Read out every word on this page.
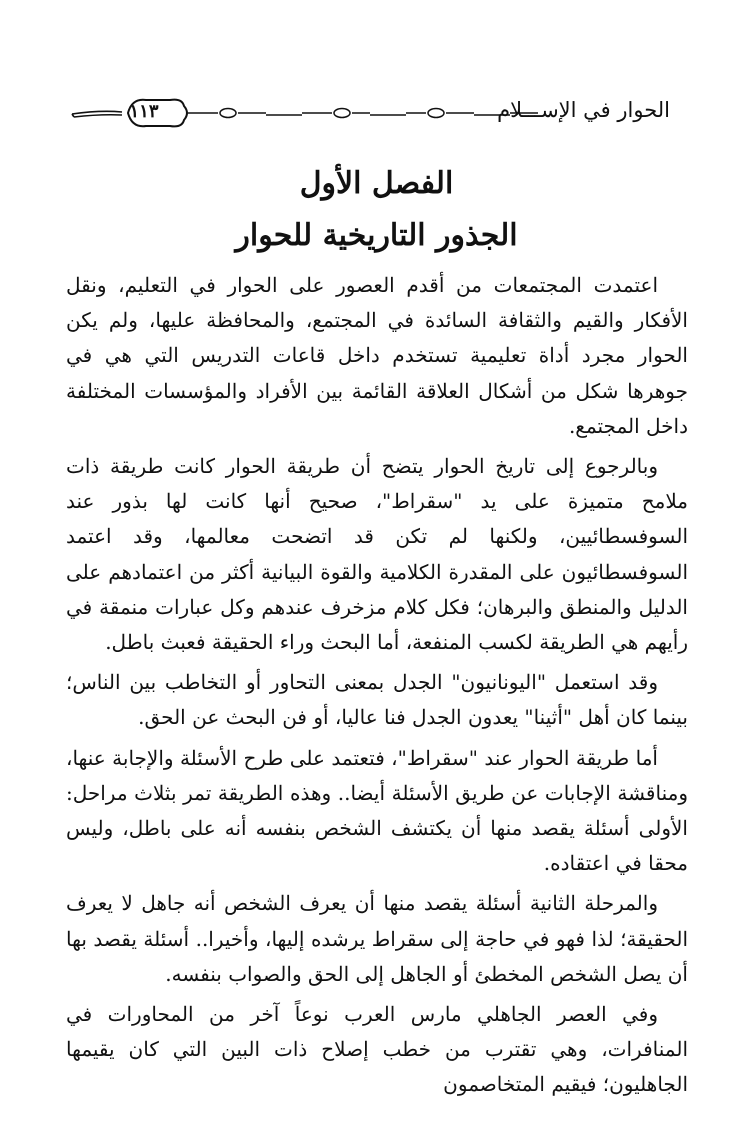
الحوار في الإســـلام
١١٣
الفصل الأول
الجذور التاريخية للحوار

اعتمدت المجتمعات من أقدم العصور على الحوار في التعليم، ونقل الأفكار والقيم والثقافة السائدة في المجتمع، والمحافظة عليها، ولم يكن الحوار مجرد أداة تعليمية تستخدم داخل قاعات التدريس التي هي في جوهرها شكل من أشكال العلاقة القائمة بين الأفراد والمؤسسات المختلفة داخل المجتمع.

وبالرجوع إلى تاريخ الحوار يتضح أن طريقة الحوار كانت طريقة ذات ملامح متميزة على يد "سقراط"، صحيح أنها كانت لها بذور عند السوفسطائيين، ولكنها لم تكن قد اتضحت معالمها، وقد اعتمد السوفسطائيون على المقدرة الكلامية والقوة البيانية أكثر من اعتمادهم على الدليل والمنطق والبرهان؛ فكل كلام مزخرف عندهم وكل عبارات منمقة في رأيهم هي الطريقة لكسب المنفعة، أما البحث وراء الحقيقة فعبث باطل.

وقد استعمل "اليونانيون" الجدل بمعنى التحاور أو التخاطب بين الناس؛ بينما كان أهل "أثينا" يعدون الجدل فنا عاليا، أو فن البحث عن الحق.

أما طريقة الحوار عند "سقراط"، فتعتمد على طرح الأسئلة والإجابة عنها، ومناقشة الإجابات عن طريق الأسئلة أيضا.. وهذه الطريقة تمر بثلاث مراحل: الأولى أسئلة يقصد منها أن يكتشف الشخص بنفسه أنه على باطل، وليس محقا في اعتقاده.

والمرحلة الثانية أسئلة يقصد منها أن يعرف الشخص أنه جاهل لا يعرف الحقيقة؛ لذا فهو في حاجة إلى سقراط يرشده إليها، وأخيرا.. أسئلة يقصد بها أن يصل الشخص المخطئ أو الجاهل إلى الحق والصواب بنفسه.

وفي العصر الجاهلي مارس العرب نوعاً آخر من المحاورات في المنافرات، وهي تقترب من خطب إصلاح ذات البين التي كان يقيمها الجاهليون؛ فيقيم المتخاصمون
